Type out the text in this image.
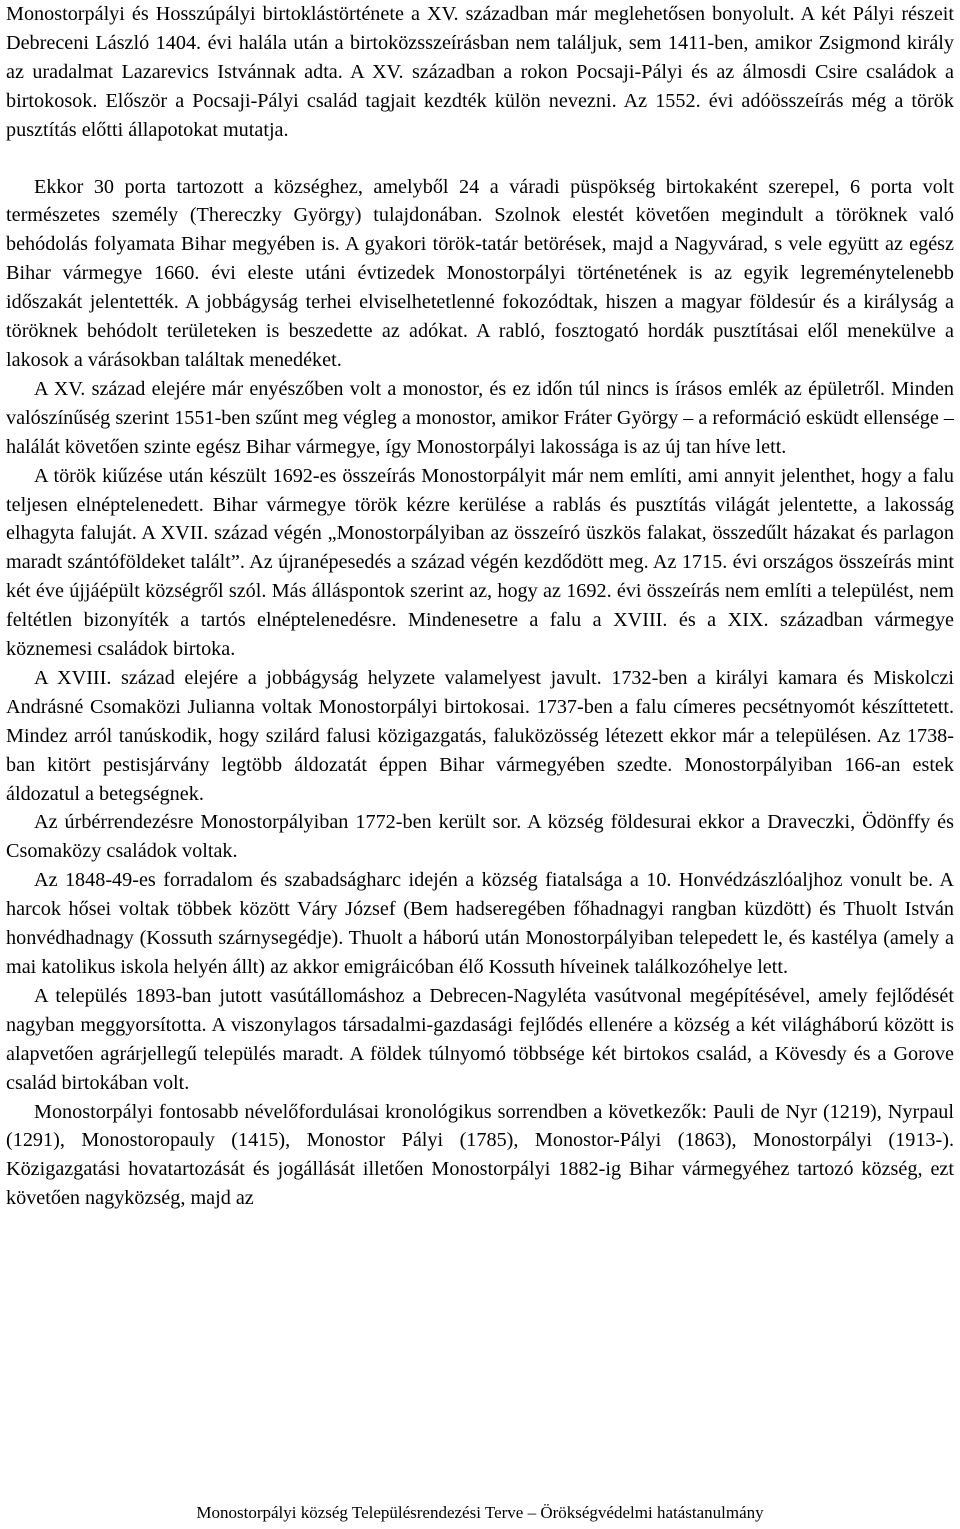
Monostorpályi és Hosszúpályi birtoklástörténete a XV. században már meglehetősen bonyolult. A két Pályi részeit Debreceni László 1404. évi halála után a birtoközsszeírásban nem találjuk, sem 1411-ben, amikor Zsigmond király az uradalmat Lazarevics Istvánnak adta. A XV. században a rokon Pocsaji-Pályi és az álmosdi Csire családok a birtokosok. Először a Pocsaji-Pályi család tagjait kezdték külön nevezni. Az 1552. évi adóösszeírás még a török pusztítás előtti állapotokat mutatja.

Ekkor 30 porta tartozott a községhez, amelyből 24 a váradi püspökség birtokaként szerepel, 6 porta volt természetes személy (Thereczky György) tulajdonában. Szolnok elestét követően megindult a töröknek való behódolás folyamata Bihar megyében is. A gyakori török-tatár betörések, majd a Nagyvárad, s vele együtt az egész Bihar vármegye 1660. évi eleste utáni évtizedek Monostorpályi történetének is az egyik legreménytelenebb időszakát jelentették. A jobbágyság terhei elviselhetetlenné fokozódtak, hiszen a magyar földesúr és a királyság a töröknek behódolt területeken is beszedette az adókat. A rabló, fosztogató hordák pusztításai elől menekülve a lakosok a várásokban találtak menedéket.

A XV. század elejére már enyészőben volt a monostor, és ez időn túl nincs is írásos emlék az épületről. Minden valószínűség szerint 1551-ben szűnt meg végleg a monostor, amikor Fráter György – a reformáció esküdt ellensége – halálát követően szinte egész Bihar vármegye, így Monostorpályi lakossága is az új tan híve lett.

A török kiűzése után készült 1692-es összeírás Monostorpályit már nem említi, ami annyit jelenthet, hogy a falu teljesen elnéptelenedett. Bihar vármegye török kézre kerülése a rablás és pusztítás világát jelentette, a lakosság elhagyta faluját. A XVII. század végén „Monostorpályiban az összeíró üszkös falakat, összedűlt házakat és parlagon maradt szántóföldeket talált”. Az újranépesedés a század végén kezdődött meg. Az 1715. évi országos összeírás mint két éve újjáépült községről szól. Más álláspontok szerint az, hogy az 1692. évi összeírás nem említi a települést, nem feltétlen bizonyíték a tartós elnéptelenedésre. Mindenesetre a falu a XVIII. és a XIX. században vármegye köznemesi családok birtoka.

A XVIII. század elejére a jobbágyság helyzete valamelyest javult. 1732-ben a királyi kamara és Miskolczi Andrásné Csomaközi Julianna voltak Monostorpályi birtokosai. 1737-ben a falu címeres pecsétnyomót készíttetett. Mindez arról tanúskodik, hogy szilárd falusi közigazgatás, faluközösség létezett ekkor már a településen. Az 1738-ban kitört pestisjárvány legtöbb áldozatát éppen Bihar vármegyében szedte. Monostorpályiban 166-an estek áldozatul a betegségnek.

Az úrbérrendezésre Monostorpályiban 1772-ben került sor. A község földesurai ekkor a Draveczki, Ödönffy és Csomaközy családok voltak.

Az 1848-49-es forradalom és szabadságharc idején a község fiatalsága a 10. Honvédzászlóaljhoz vonult be. A harcok hősei voltak többek között Váry József (Bem hadseregében főhadnagyi rangban küzdött) és Thuolt István honvédhadnagy (Kossuth szárnysegédje). Thuolt a háború után Monostorpályiban telepedett le, és kastélya (amely a mai katolikus iskola helyén állt) az akkor emigráicóban élő Kossuth híveinek találkozóhelye lett.

A település 1893-ban jutott vasútállomáshoz a Debrecen-Nagyléta vasútvonal megépítésével, amely fejlődését nagyban meggyorsította. A viszonylagos társadalmi-gazdasági fejlődés ellenére a község a két világháború között is alapvetően agrárjellegű település maradt. A földek túlnyomó többsége két birtokos család, a Kövesdy és a Gorove család birtokában volt.

Monostorpályi fontosabb névelőfordulásai kronológikus sorrendben a következők: Pauli de Nyr (1219), Nyrpaul (1291), Monostoropauly (1415), Monostor Pályi (1785), Monostor-Pályi (1863), Monostorpályi (1913-). Közigazgatási hovatartozását és jogállását illetően Monostorpályi 1882-ig Bihar vármegyéhez tartozó község, ezt követően nagyközség, majd az

Monostorpályi község Településrendezési Terve – Örökségvédelmi hatástanulmány
